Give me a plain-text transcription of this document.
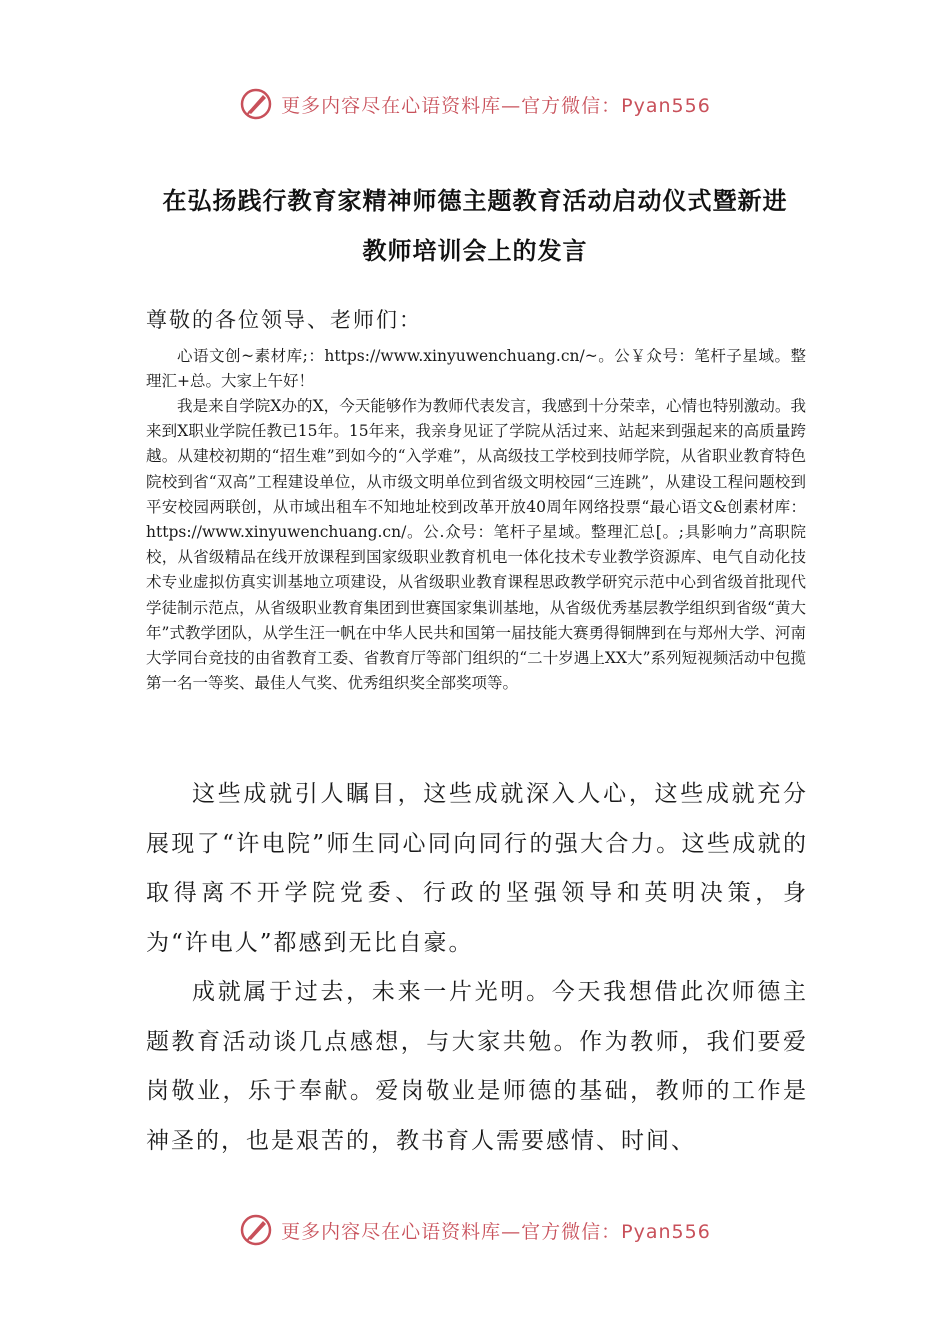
更多内容尽在心语资料库—官方微信：Pyan556
在弘扬践行教育家精神师德主题教育活动启动仪式暨新进
教师培训会上的发言
尊敬的各位领导、老师们：

心语文创~素材库;：https://www.xinyuwenchuang.cn/~。公￥众号：笔杆子星域。整理汇+总。大家上午好！

我是来自学院X办的X，今天能够作为教师代表发言，我感到十分荣幸，心情也特别激动。我来到X职业学院任教已15年。15年来，我亲身见证了学院从活过来、站起来到强起来的高质量跨越。从建校初期的“招生难”到如今的“入学难”，从高级技工学校到技师学院，从省职业教育特色院校到省“双高”工程建设单位，从市级文明单位到省级文明校园“三连跳”，从建设工程问题校到平安校园两联创，从市域出租车不知地址校到改革开放40周年网络投票“最心语文&创素材库：https://www.xinyuwenchuang.cn/。公.众号：笔杆子星域。整理汇总[。;具影响力”高职院校，从省级精品在线开放课程到国家级职业教育机电一体化技术专业教学资源库、电气自动化技术专业虚拟仿真实训基地立项建设，从省级职业教育课程思政教学研究示范中心到省级首批现代学徒制示范点，从省级职业教育集团到世赛国家集训基地，从省级优秀基层教学组织到省级“黄大年”式教学团队，从学生汪一帆在中华人民共和国第一届技能大赛勇得铜牌到在与郑州大学、河南大学同台竞技的由省教育工委、省教育厅等部门组织的“二十岁遇上XX大”系列短视频活动中包揽第一名一等奖、最佳人气奖、优秀组织奖全部奖项等。

这些成就引人瞩目，这些成就深入人心，这些成就充分展现了“许电院”师生同心同向同行的强大合力。这些成就的取得离不开学院党委、行政的坚强领导和英明决策，身为“许电人”都感到无比自豪。

成就属于过去，未来一片光明。今天我想借此次师德主题教育活动谈几点感想，与大家共勉。作为教师，我们要爱岗敬业，乐于奉献。爱岗敬业是师德的基础，教师的工作是神圣的，也是艰苦的，教书育人需要感情、时间、

更多内容尽在心语资料库—官方微信：Pyan556
